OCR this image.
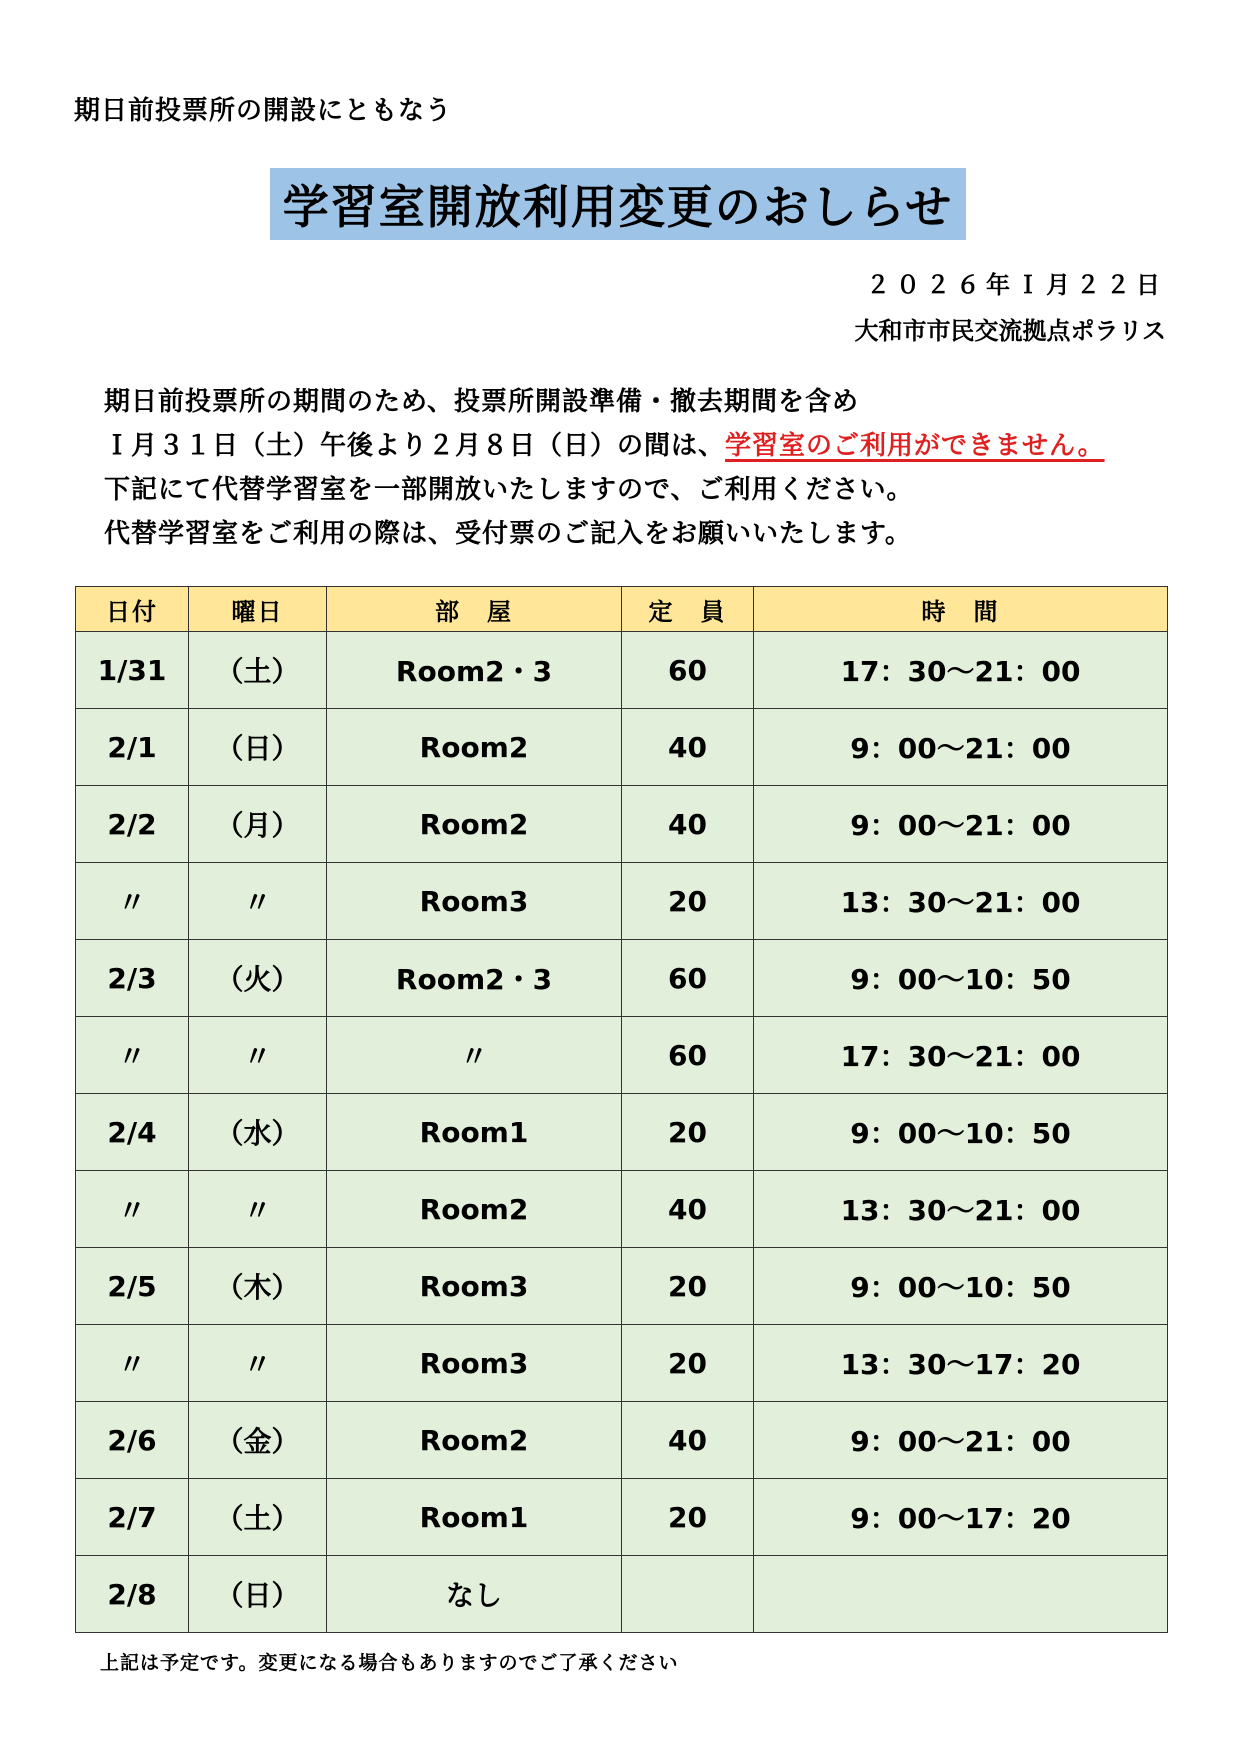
期日前投票所の開設にともなう
学習室開放利用変更のおしらせ
２０２６年Ｉ月２２日
大和市市民交流拠点ポラリス
期日前投票所の期間のため、投票所開設準備・撤去期間を含め
Ｉ月３１日（土）午後より２月８日（日）の間は、学習室のご利用ができません。
下記にて代替学習室を一部開放いたしますので、ご利用ください。
代替学習室をご利用の際は、受付票のご記入をお願いいたします。
日付	曜日	部　屋	定　員	時　間
1/31	（土）	Room2・3	60	17：30～21：00
2/1	（日）	Room2	40	9：00～21：00
2/2	（月）	Room2	40	9：00～21：00
〃	〃	Room3	20	13：30～21：00
2/3	（火）	Room2・3	60	9：00～10：50
〃	〃	〃	60	17：30～21：00
2/4	（水）	Room1	20	9：00～10：50
〃	〃	Room2	40	13：30～21：00
2/5	（木）	Room3	20	9：00～10：50
〃	〃	Room3	20	13：30～17：20
2/6	（金）	Room2	40	9：00～21：00
2/7	（土）	Room1	20	9：00～17：20
2/8	（日）	なし		
上記は予定です。変更になる場合もありますのでご了承ください
